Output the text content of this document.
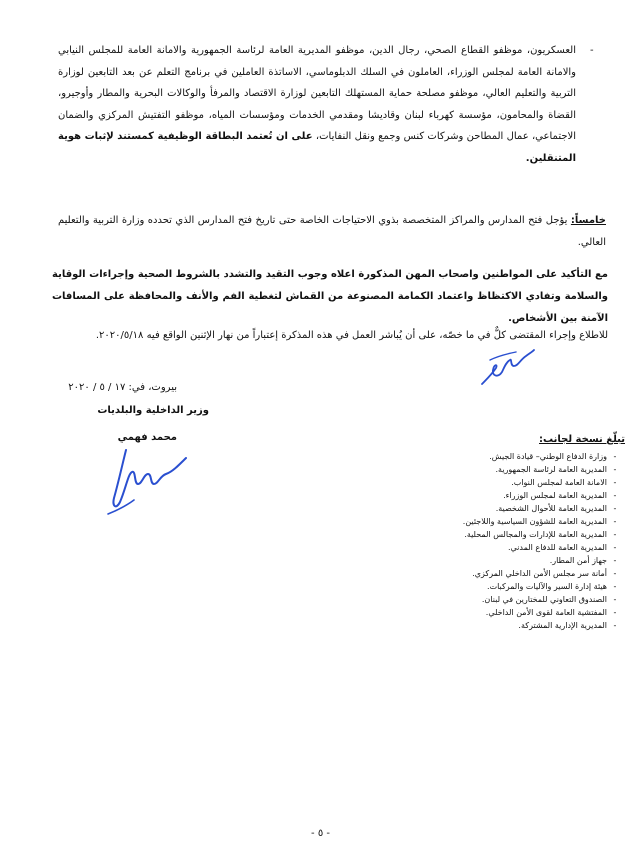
-
العسكريون، موظفو القطاع الصحي، رجال الدين، موظفو المديرية العامة لرئاسة الجمهورية والامانة العامة للمجلس النيابي والامانة العامة لمجلس الوزراء، العاملون في السلك الدبلوماسي، الاساتذة العاملين في برنامج التعلم عن بعد التابعين لوزارة التربية والتعليم العالي، موظفو مصلحة حماية المستهلك التابعين لوزارة الاقتصاد والمرفأ والوكالات البحرية والمطار وأوجيرو، القضاة والمحامون، مؤسسة كهرباء لبنان وقاديشا ومقدمي الخدمات ومؤسسات المياه، موظفو التفتيش المركزي والضمان الاجتماعي، عمال المطاحن وشركات كنس وجمع ونقل النفايات، على ان تُعتمد البطاقة الوظيفية كمستند لإثبات هوية المتنقلين.
خامساً: يؤجل فتح المدارس والمراكز المتخصصة بذوي الاحتياجات الخاصة حتى تاريخ فتح المدارس الذي تحدده وزارة التربية والتعليم العالي.
مع التأكيد على المواطنين واصحاب المهن المذكورة اعلاه وجوب التقيد والتشدد بالشروط الصحية وإجراءات الوقاية والسلامة وتفادي الاكتظاظ واعتماد الكمامة المصنوعة من القماش لتغطية الفم والأنف والمحافظة على المسافات الآمنة بين الأشخاص.
للاطلاع وإجراء المقتضى كلٌّ في ما خصّه، على أن يُباشر العمل في هذه المذكرة إعتباراً من نهار الإثنين الواقع فيه ٢٠٢٠/٥/١٨.
بيروت، في: ١٧ / ٥ / ٢٠٢٠
وزير الداخلية والبلديات
محمد فهمي	تبلّغ نسخة لجانب:
- وزارة الدفاع الوطني– قيادة الجيش.
- المديرية العامة لرئاسة الجمهورية.
- الامانة العامة لمجلس النواب.
- المديرية العامة لمجلس الوزراء.
- المديرية العامة للأحوال الشخصية.
- المديرية العامة للشؤون السياسية واللاجئين.
- المديرية العامة للإدارات والمجالس المحلية.
- المديرية العامة للدفاع المدني.
- جهاز أمن المطار.
- أمانة سر مجلس الأمن الداخلي المركزي.
- هيئة إدارة السير والآليات والمركبات.
- الصندوق التعاوني للمختارين في لبنان.
- المفتشية العامة لقوى الأمن الداخلي.
- المديرية الإدارية المشتركة.
- ٥ -
